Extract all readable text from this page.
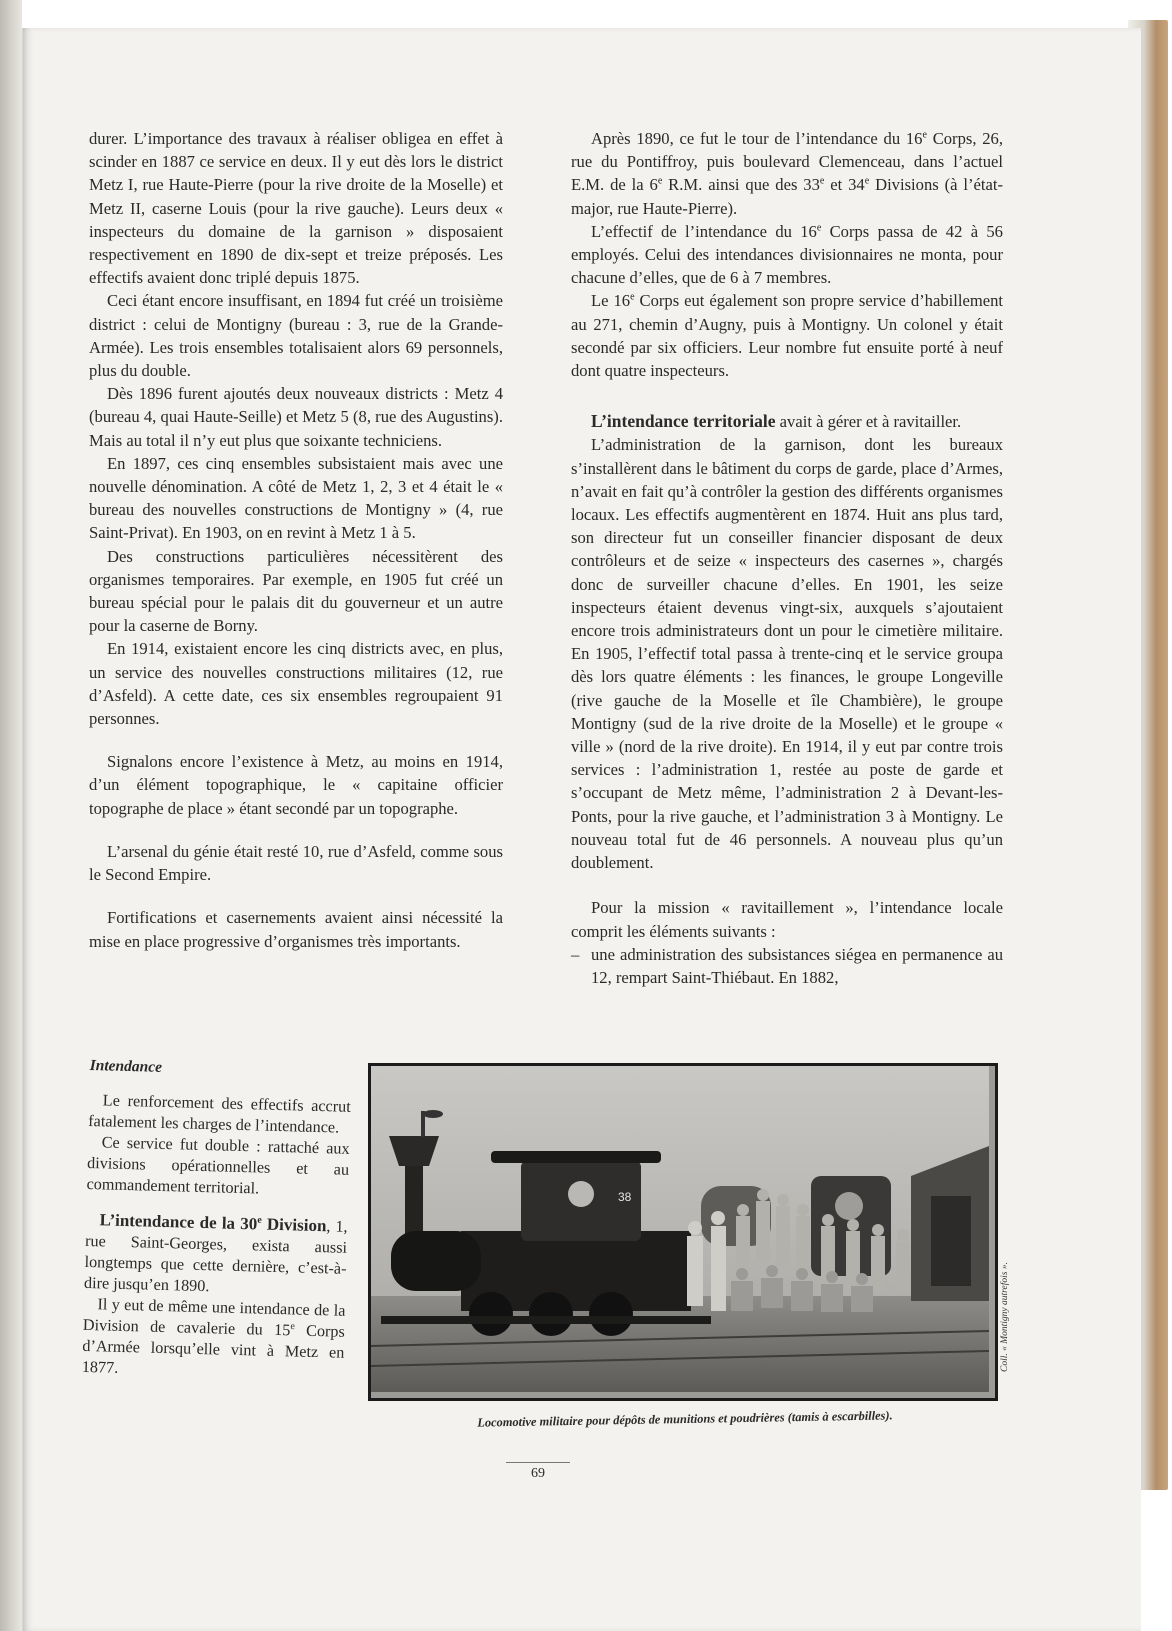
durer. L’importance des travaux à réaliser obligea en effet à scinder en 1887 ce service en deux. Il y eut dès lors le district Metz I, rue Haute-Pierre (pour la rive droite de la Moselle) et Metz II, caserne Louis (pour la rive gauche). Leurs deux « inspecteurs du domaine de la garnison » disposaient respectivement en 1890 de dix-sept et treize préposés. Les effectifs avaient donc triplé depuis 1875.

Ceci étant encore insuffisant, en 1894 fut créé un troisième district : celui de Montigny (bureau : 3, rue de la Grande-Armée). Les trois ensembles totalisaient alors 69 personnels, plus du double.

Dès 1896 furent ajoutés deux nouveaux districts : Metz 4 (bureau 4, quai Haute-Seille) et Metz 5 (8, rue des Augustins). Mais au total il n’y eut plus que soixante techniciens.

En 1897, ces cinq ensembles subsistaient mais avec une nouvelle dénomination. A côté de Metz 1, 2, 3 et 4 était le « bureau des nouvelles constructions de Montigny » (4, rue Saint-Privat). En 1903, on en revint à Metz 1 à 5.

Des constructions particulières nécessitèrent des organismes temporaires. Par exemple, en 1905 fut créé un bureau spécial pour le palais dit du gouverneur et un autre pour la caserne de Borny.

En 1914, existaient encore les cinq districts avec, en plus, un service des nouvelles constructions militaires (12, rue d’Asfeld). A cette date, ces six ensembles regroupaient 91 personnes.

Signalons encore l’existence à Metz, au moins en 1914, d’un élément topographique, le « capitaine officier topographe de place » étant secondé par un topographe.

L’arsenal du génie était resté 10, rue d’Asfeld, comme sous le Second Empire.

Fortifications et casernements avaient ainsi nécessité la mise en place progressive d’organismes très importants.

Après 1890, ce fut le tour de l’intendance du 16e Corps, 26, rue du Pontiffroy, puis boulevard Clemenceau, dans l’actuel E.M. de la 6e R.M. ainsi que des 33e et 34e Divisions (à l’état-major, rue Haute-Pierre).

L’effectif de l’intendance du 16e Corps passa de 42 à 56 employés. Celui des intendances divisionnaires ne monta, pour chacune d’elles, que de 6 à 7 membres.

Le 16e Corps eut également son propre service d’habillement au 271, chemin d’Augny, puis à Montigny. Un colonel y était secondé par six officiers. Leur nombre fut ensuite porté à neuf dont quatre inspecteurs.

L’intendance territoriale avait à gérer et à ravitailler.

L’administration de la garnison, dont les bureaux s’installèrent dans le bâtiment du corps de garde, place d’Armes, n’avait en fait qu’à contrôler la gestion des différents organismes locaux. Les effectifs augmentèrent en 1874. Huit ans plus tard, son directeur fut un conseiller financier disposant de deux contrôleurs et de seize « inspecteurs des casernes », chargés donc de surveiller chacune d’elles. En 1901, les seize inspecteurs étaient devenus vingt-six, auxquels s’ajoutaient encore trois administrateurs dont un pour le cimetière militaire. En 1905, l’effectif total passa à trente-cinq et le service groupa dès lors quatre éléments : les finances, le groupe Longeville (rive gauche de la Moselle et île Chambière), le groupe Montigny (sud de la rive droite de la Moselle) et le groupe « ville » (nord de la rive droite). En 1914, il y eut par contre trois services : l’administration 1, restée au poste de garde et s’occupant de Metz même, l’administration 2 à Devant-les-Ponts, pour la rive gauche, et l’administration 3 à Montigny. Le nouveau total fut de 46 personnels. A nouveau plus qu’un doublement.

Pour la mission « ravitaillement », l’intendance locale comprit les éléments suivants :

– une administration des subsistances siégea en permanence au 12, rempart Saint-Thiébaut. En 1882,

Intendance

Le renforcement des effectifs accrut fatalement les charges de l’intendance.

Ce service fut double : rattaché aux divisions opérationnelles et au commandement territorial.

L’intendance de la 30e Division, 1, rue Saint-Georges, exista aussi longtemps que cette dernière, c’est-à-dire jusqu’en 1890.

Il y eut de même une intendance de la Division de cavalerie du 15e Corps d’Armée lorsqu’elle vint à Metz en 1877.

38
Coll. « Montigny autrefois ».
Locomotive militaire pour dépôts de munitions et poudrières (tamis à escarbilles).
69
